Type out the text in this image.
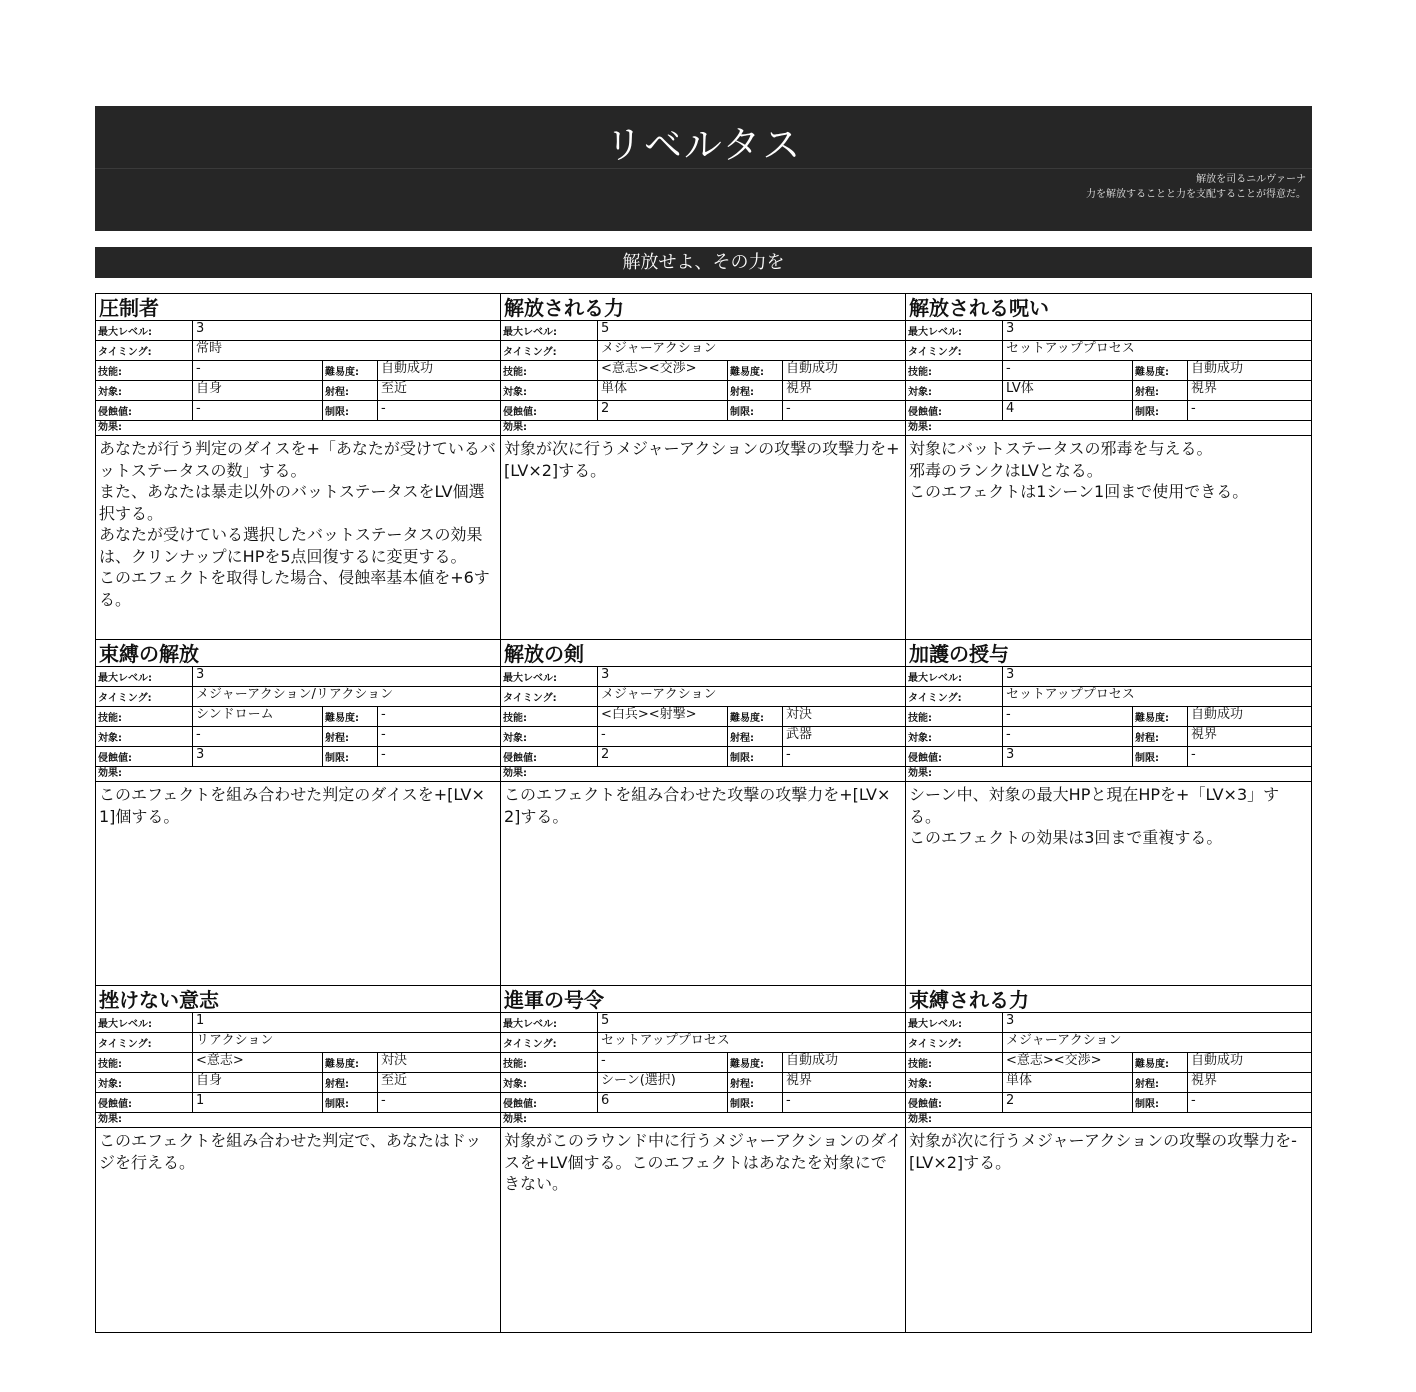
リベルタス
解放を司るニルヴァーナ
力を解放することと力を支配することが得意だ。
解放せよ、その力を
圧制者
最大レベル:	3
タイミング:	常時
技能:	-	難易度:	自動成功
対象:	自身	射程:	至近
侵蝕値:	-	制限:	-
効果:

あなたが行う判定のダイスを+「あなたが受けているバットステータスの数」する。

また、あなたは暴走以外のバットステータスをLV個選択する。

あなたが受けている選択したバットステータスの効果は、クリンナップにHPを5点回復するに変更する。

このエフェクトを取得した場合、侵蝕率基本値を+6する。

解放される力
最大レベル:	5
タイミング:	メジャーアクション
技能:	<意志><交渉>	難易度:	自動成功
対象:	単体	射程:	視界
侵蝕値:	2	制限:	-
効果:

対象が次に行うメジャーアクションの攻撃の攻撃力を+[LV×2]する。

解放される呪い
最大レベル:	3
タイミング:	セットアッププロセス
技能:	-	難易度:	自動成功
対象:	LV体	射程:	視界
侵蝕値:	4	制限:	-
効果:

対象にバットステータスの邪毒を与える。

邪毒のランクはLVとなる。

このエフェクトは1シーン1回まで使用できる。

束縛の解放
最大レベル:	3
タイミング:	メジャーアクション/リアクション
技能:	シンドローム	難易度:	-
対象:	-	射程:	-
侵蝕値:	3	制限:	-
効果:

このエフェクトを組み合わせた判定のダイスを+[LV×1]個する。

解放の剣
最大レベル:	3
タイミング:	メジャーアクション
技能:	<白兵><射撃>	難易度:	対決
対象:	-	射程:	武器
侵蝕値:	2	制限:	-
効果:

このエフェクトを組み合わせた攻撃の攻撃力を+[LV×2]する。

加護の授与
最大レベル:	3
タイミング:	セットアッププロセス
技能:	-	難易度:	自動成功
対象:	-	射程:	視界
侵蝕値:	3	制限:	-
効果:

シーン中、対象の最大HPと現在HPを+「LV×3」する。

このエフェクトの効果は3回まで重複する。

挫けない意志
最大レベル:	1
タイミング:	リアクション
技能:	<意志>	難易度:	対決
対象:	自身	射程:	至近
侵蝕値:	1	制限:	-
効果:

このエフェクトを組み合わせた判定で、あなたはドッジを行える。

進軍の号令
最大レベル:	5
タイミング:	セットアッププロセス
技能:	-	難易度:	自動成功
対象:	シーン(選択)	射程:	視界
侵蝕値:	6	制限:	-
効果:

対象がこのラウンド中に行うメジャーアクションのダイスを+LV個する。このエフェクトはあなたを対象にできない。

束縛される力
最大レベル:	3
タイミング:	メジャーアクション
技能:	<意志><交渉>	難易度:	自動成功
対象:	単体	射程:	視界
侵蝕値:	2	制限:	-
効果:

対象が次に行うメジャーアクションの攻撃の攻撃力を-[LV×2]する。
